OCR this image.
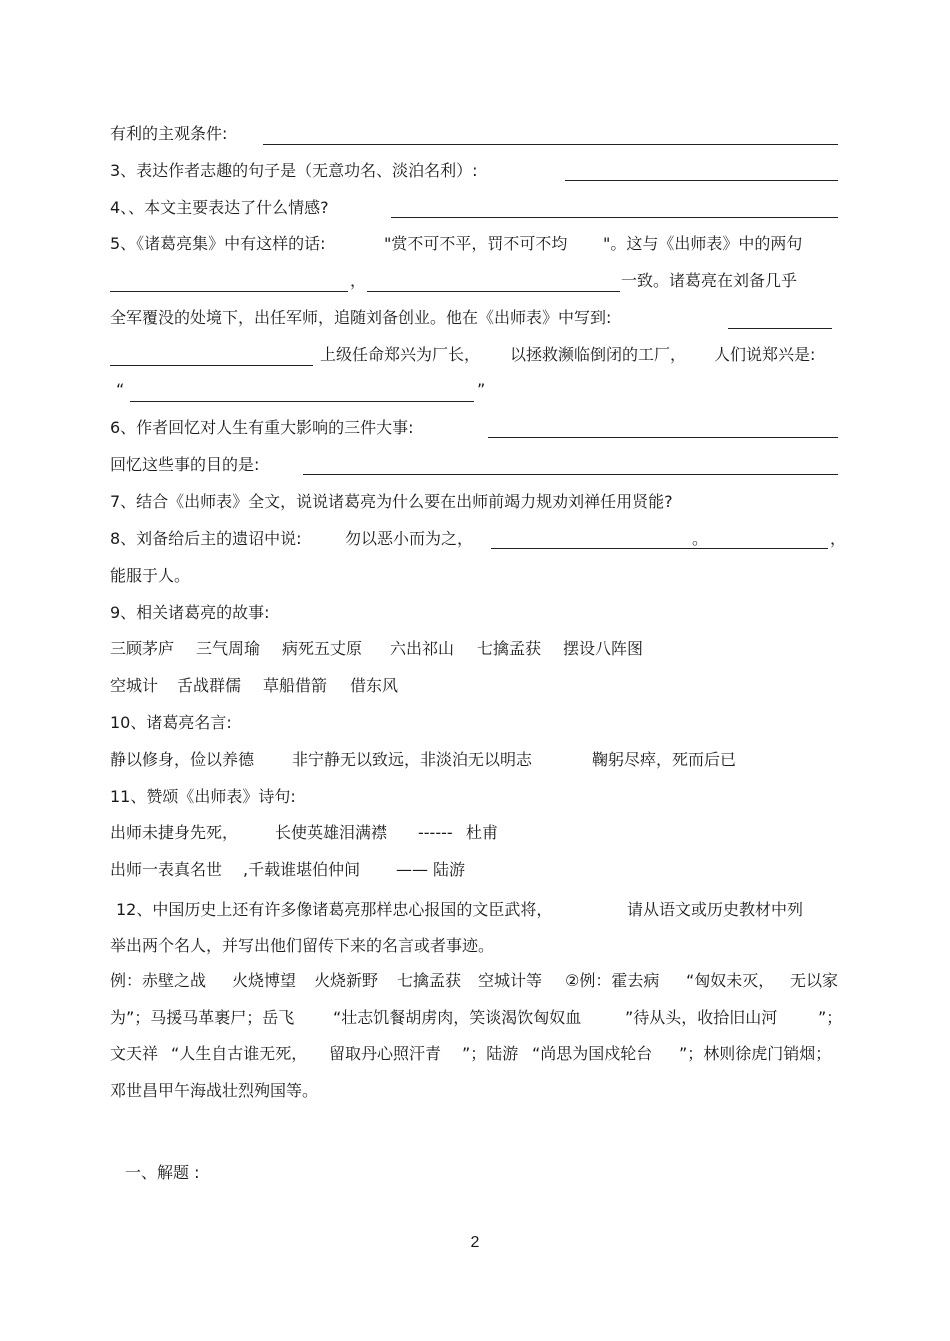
有利的主观条件:
3、表达作者志趣的句子是（无意功名、淡泊名利）:
4、、本文主要表达了什么情感?
5、《诸葛亮集》中有这样的话:	"赏不可不平，罚不可不均 "。这与《出师表》中的两句
，	一致。诸葛亮在刘备几乎
全军覆没的处境下，出任军师，追随刘备创业。他在《出师表》中写到:
上级任命郑兴为厂长， 以拯救濒临倒闭的工厂， 人们说郑兴是:
“	”
6、作者回忆对人生有重大影响的三件大事:
回忆这些事的目的是:
7、结合《出师表》全文，说说诸葛亮为什么要在出师前竭力规劝刘禅任用贤能?
8、刘备给后主的遗诏中说:	勿以恶小而为之，	。	，
能服于人。
9、相关诸葛亮的故事:
三顾茅庐 三气周瑜 病死五丈原 六出祁山 七擒孟获 摆设八阵图
空城计 舌战群儒 草船借箭 借东风
10、诸葛亮名言:
静以修身，俭以养德 非宁静无以致远，非淡泊无以明志	鞠躬尽瘁，死而后已
11、赞颂《出师表》诗句:
出师未捷身先死， 长使英雄泪满襟 ------ 杜甫
出师一表真名世 ,千载谁堪伯仲间 —— 陆游
12、中国历史上还有许多像诸葛亮那样忠心报国的文臣武将，	请从语文或历史教材中列
举出两个名人，并写出他们留传下来的名言或者事迹。
例：赤壁之战 火烧博望 火烧新野 七擒孟获 空城计等 ②例：霍去病 “匈奴未灭， 无以家
为”；马援马革裹尸；岳飞 “壮志饥餐胡虏肉，笑谈渴饮匈奴血	”待从头，收拾旧山河	”；
文天祥 “人生自古谁无死， 留取丹心照汗青 ”；陆游 “尚思为国戍轮台 ”；林则徐虎门销烟；
邓世昌甲午海战壮烈殉国等。
一、解题 :
2
